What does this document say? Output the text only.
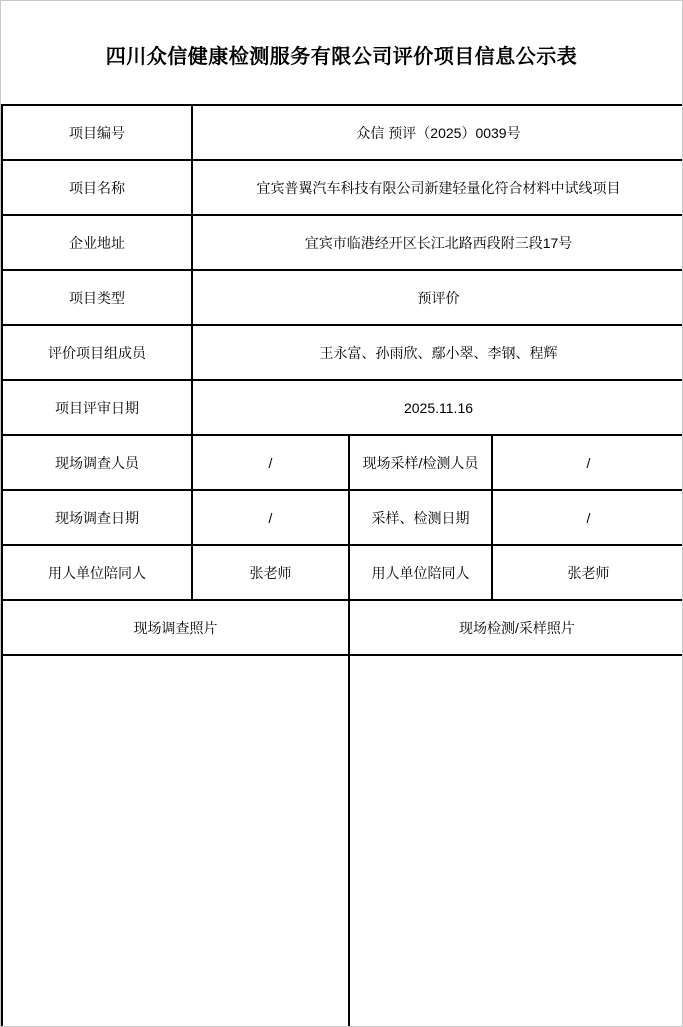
四川众信健康检测服务有限公司评价项目信息公示表
项目编号	众信 预评（2025）0039号		
项目名称	宜宾普翼汽车科技有限公司新建轻量化符合材料中试线项目		
企业地址	宜宾市临港经开区长江北路西段附三段17号		
项目类型	预评价		
评价项目组成员	王永富、孙雨欣、鄢小翠、李钢、程辉		
项目评审日期	2025.11.16		
现场调查人员	/	现场采样/检测人员	/
现场调查日期	/	采样、检测日期	/
用人单位陪同人	张老师	用人单位陪同人	张老师
现场调查照片		现场检测/采样照片	
